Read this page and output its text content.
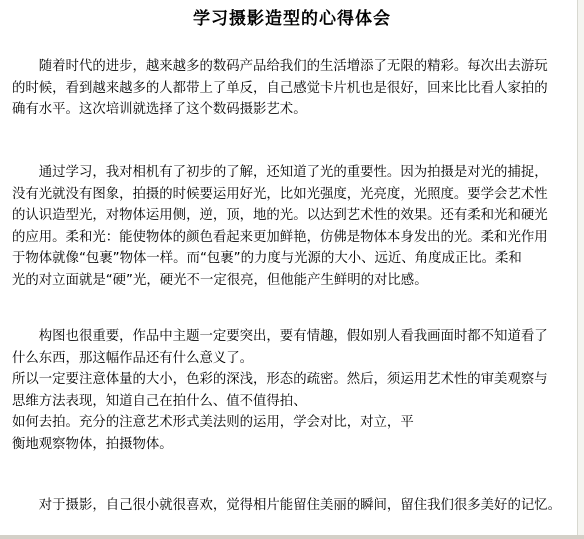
学习摄影造型的心得体会
　　随着时代的进步，越来越多的数码产品给我们的生活增添了无限的精彩。每次出去游玩
的时候，看到越来越多的人都带上了单反，自己感觉卡片机也是很好，回来比比看人家拍的
确有水平。这次培训就选择了这个数码摄影艺术。
　　通过学习，我对相机有了初步的了解，还知道了光的重要性。因为拍摄是对光的捕捉，
没有光就没有图象，拍摄的时候要运用好光，比如光强度，光亮度，光照度。要学会艺术性
的认识造型光，对物体运用侧，逆，顶，地的光。以达到艺术性的效果。还有柔和光和硬光
的应用。柔和光：能使物体的颜色看起来更加鲜艳，仿佛是物体本身发出的光。柔和光作用
于物体就像“包裹”物体一样。而“包裹”的力度与光源的大小、远近、角度成正比。柔和
光的对立面就是“硬”光，硬光不一定很亮，但他能产生鲜明的对比感。
　　构图也很重要，作品中主题一定要突出，要有情趣，假如别人看我画面时都不知道看了
什么东西，那这幅作品还有什么意义了。
所以一定要注意体量的大小，色彩的深浅，形态的疏密。然后，须运用艺术性的审美观察与
思维方法表现，知道自己在拍什么、值不值得拍、
如何去拍。充分的注意艺术形式美法则的运用，学会对比，对立，平
衡地观察物体，拍摄物体。
　　对于摄影，自己很小就很喜欢，觉得相片能留住美丽的瞬间，留住我们很多美好的记忆。
